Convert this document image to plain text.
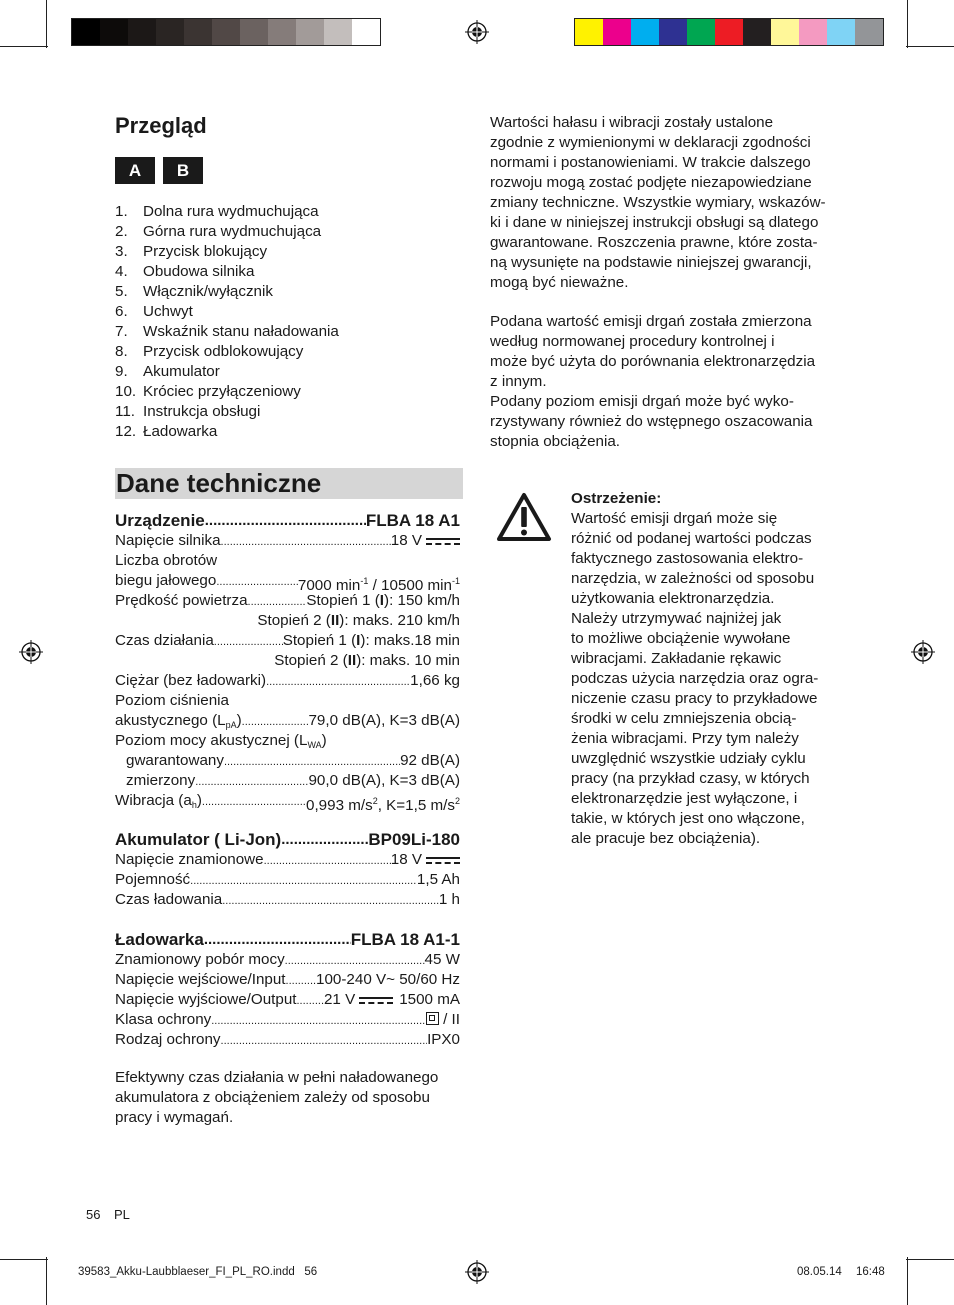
Przegląd
A	B
1. Dolna rura wydmuchująca
2. Górna rura wydmuchująca
3. Przycisk blokujący
4. Obudowa silnika
5. Włącznik/wyłącznik
6. Uchwyt
7. Wskaźnik stanu naładowania
8. Przycisk odblokowujący
9. Akumulator
10. Króciec przyłączeniowy
11. Instrukcja obsługi
12. Ładowarka
Dane techniczne
Urządzenie .....	FLBA 18 A1
Napięcie silnika .....	18 V
Liczba obrotów
biegu jałowego .....	7000 $\min^{-1} / 10500$ $\min^{-1}$
Prędkość powietrza .....	Stopień 1 (I): 150 km/h
Stopień 2 (II): maks. 210 km/h
Czas działania .....	Stopień 1 (I): maks.18 min
Stopień 2 (II): maks. 10 min
Ciężar (bez ładowarki) .....	1,66 kg
Poziom ciśnienia
akustycznego $(L_{pA})$ .....	79,0 dB(A), K=3 dB(A)
Poziom mocy akustycznej $(L_{WA})$
gwarantowany .....	92 dB(A)
zmierzony .....	90,0 dB(A), K=3 dB(A)
Wibracja $(a_h)$ .....	0,993 $m/s^2$, K=1,5 $m/s^2$
Akumulator ( Li-Jon) .....	BP09Li-180
Napięcie znamionowe .....	18 V
Pojemność .....	1,5 Ah
Czas ładowania .....	1 h
Ładowarka .....	FLBA 18 A1-1
Znamionowy pobór mocy .....	45 W
Napięcie wejściowe/Input ..... 100-240 V~ 50/60 Hz
Napięcie wyjściowe/Output ..... 21 V	1500 mA
Klasa ochrony .....	/ II
Rodzaj ochrony .....	IPX0
Efektywny czas działania w pełni naładowanego akumulatora z obciążeniem zależy od sposobu pracy i wymagań.
Wartości hałasu i wibracji zostały ustalone
zgodnie z wymienionymi w deklaracji zgodności
normami i postanowieniami. W trakcie dalszego
rozwoju mogą zostać podjęte niezapowiedziane
zmiany techniczne. Wszystkie wymiary, wskazów-
ki i dane w niniejszej instrukcji obsługi są dlatego
gwarantowane. Roszczenia prawne, które zosta-
ną wysunięte na podstawie niniejszej gwarancji,
mogą być nieważne.
Podana wartość emisji drgań została zmierzona
według normowanej procedury kontrolnej i
może być użyta do porównania elektronarzędzia
z innym.
Podany poziom emisji drgań może być wyko-
rzystywany również do wstępnego oszacowania
stopnia obciążenia.
Ostrzeżenie:
Wartość emisji drgań może się
różnić od podanej wartości podczas
faktycznego zastosowania elektro-
narzędzia, w zależności od sposobu
użytkowania elektronarzędzia.
Należy utrzymywać najniżej jak
to możliwe obciążenie wywołane
wibracjami. Zakładanie rękawic
podczas użycia narzędzia oraz ogra-
niczenie czasu pracy to przykładowe
środki w celu zmniejszenia obcią-
żenia wibracjami. Przy tym należy
uwzględnić wszystkie udziały cyklu
pracy (na przykład czasy, w których
elektronarzędzie jest wyłączone, i
takie, w których jest ono włączone,
ale pracuje bez obciążenia).
56 PL
39583_Akku-Laubblaeser_FI_PL_RO.indd   56	08.05.14 16:48
